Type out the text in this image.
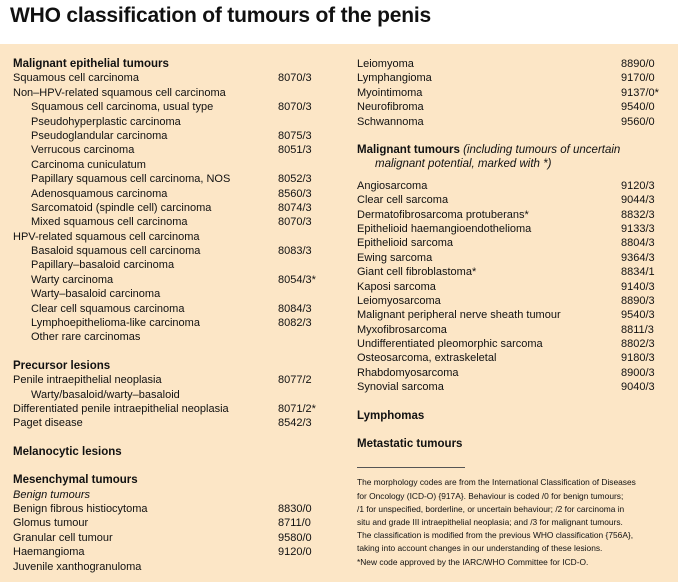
WHO classification of tumours of the penis
Malignant epithelial tumours
Squamous cell carcinoma	8070/3
Non–HPV-related squamous cell carcinoma
Squamous cell carcinoma, usual type	8070/3
Pseudohyperplastic carcinoma
Pseudoglandular carcinoma	8075/3
Verrucous carcinoma	8051/3
Carcinoma cuniculatum
Papillary squamous cell carcinoma, NOS	8052/3
Adenosquamous carcinoma	8560/3
Sarcomatoid (spindle cell) carcinoma	8074/3
Mixed squamous cell carcinoma	8070/3
HPV-related squamous cell carcinoma
Basaloid squamous cell carcinoma	8083/3
Papillary–basaloid carcinoma
Warty carcinoma	8054/3*
Warty–basaloid carcinoma
Clear cell squamous carcinoma	8084/3
Lymphoepithelioma-like carcinoma	8082/3
Other rare carcinomas
Precursor lesions
Penile intraepithelial neoplasia	8077/2
Warty/basaloid/warty–basaloid
Differentiated penile intraepithelial neoplasia	8071/2*
Paget disease	8542/3
Melanocytic lesions
Mesenchymal tumours
Benign tumours
Benign fibrous histiocytoma	8830/0
Glomus tumour	8711/0
Granular cell tumour	9580/0
Haemangioma	9120/0
Juvenile xanthogranuloma
Leiomyoma	8890/0
Lymphangioma	9170/0
Myointimoma	9137/0*
Neurofibroma	9540/0
Schwannoma	9560/0
Malignant tumours (including tumours of uncertain
malignant potential, marked with *)
Angiosarcoma	9120/3
Clear cell sarcoma	9044/3
Dermatofibrosarcoma protuberans*	8832/3
Epithelioid haemangioendothelioma	9133/3
Epithelioid sarcoma	8804/3
Ewing sarcoma	9364/3
Giant cell fibroblastoma*	8834/1
Kaposi sarcoma	9140/3
Leiomyosarcoma	8890/3
Malignant peripheral nerve sheath tumour	9540/3
Myxofibrosarcoma	8811/3
Undifferentiated pleomorphic sarcoma	8802/3
Osteosarcoma, extraskeletal	9180/3
Rhabdomyosarcoma	8900/3
Synovial sarcoma	9040/3
Lymphomas
Metastatic tumours
The morphology codes are from the International Classification of Diseases
for Oncology (ICD-O) {917A}. Behaviour is coded /0 for benign tumours;
/1 for unspecified, borderline, or uncertain behaviour; /2 for carcinoma in
situ and grade III intraepithelial neoplasia; and /3 for malignant tumours.
The classification is modified from the previous WHO classification {756A},
taking into account changes in our understanding of these lesions.
*New code approved by the IARC/WHO Committee for ICD-O.
